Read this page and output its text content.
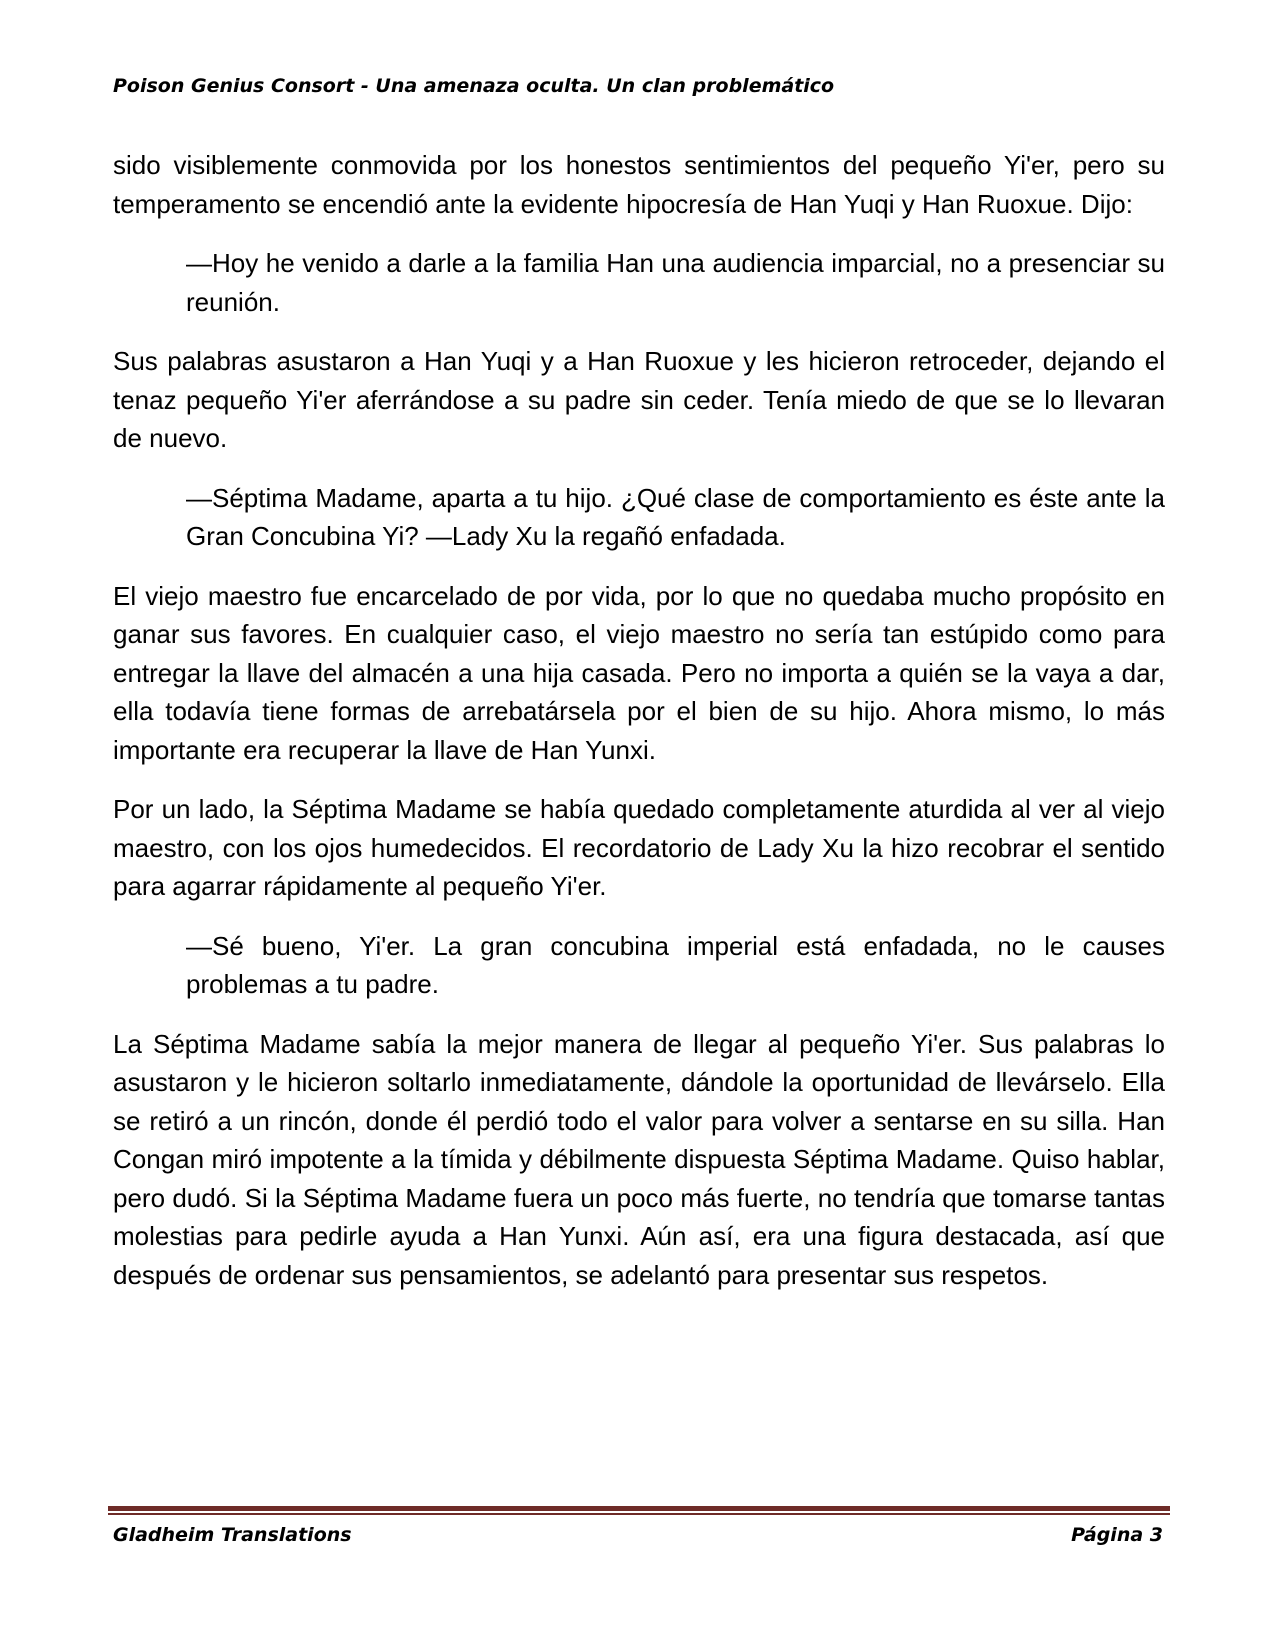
Poison Genius Consort - Una amenaza oculta. Un clan problemático

sido visiblemente conmovida por los honestos sentimientos del pequeño Yi'er, pero su temperamento se encendió ante la evidente hipocresía de Han Yuqi y Han Ruoxue. Dijo:

—Hoy he venido a darle a la familia Han una audiencia imparcial, no a presenciar su reunión.

Sus palabras asustaron a Han Yuqi y a Han Ruoxue y les hicieron retroceder, dejando el tenaz pequeño Yi'er aferrándose a su padre sin ceder. Tenía miedo de que se lo llevaran de nuevo.

—Séptima Madame, aparta a tu hijo. ¿Qué clase de comportamiento es éste ante la Gran Concubina Yi? —Lady Xu la regañó enfadada.

El viejo maestro fue encarcelado de por vida, por lo que no quedaba mucho propósito en ganar sus favores. En cualquier caso, el viejo maestro no sería tan estúpido como para entregar la llave del almacén a una hija casada. Pero no importa a quién se la vaya a dar, ella todavía tiene formas de arrebatársela por el bien de su hijo. Ahora mismo, lo más importante era recuperar la llave de Han Yunxi.

Por un lado, la Séptima Madame se había quedado completamente aturdida al ver al viejo maestro, con los ojos humedecidos. El recordatorio de Lady Xu la hizo recobrar el sentido para agarrar rápidamente al pequeño Yi'er.

—Sé bueno, Yi'er. La gran concubina imperial está enfadada, no le causes problemas a tu padre.

La Séptima Madame sabía la mejor manera de llegar al pequeño Yi'er. Sus palabras lo asustaron y le hicieron soltarlo inmediatamente, dándole la oportunidad de llevárselo. Ella se retiró a un rincón, donde él perdió todo el valor para volver a sentarse en su silla. Han Congan miró impotente a la tímida y débilmente dispuesta Séptima Madame. Quiso hablar, pero dudó. Si la Séptima Madame fuera un poco más fuerte, no tendría que tomarse tantas molestias para pedirle ayuda a Han Yunxi. Aún así, era una figura destacada, así que después de ordenar sus pensamientos, se adelantó para presentar sus respetos.

Gladheim Translations	Página 3
